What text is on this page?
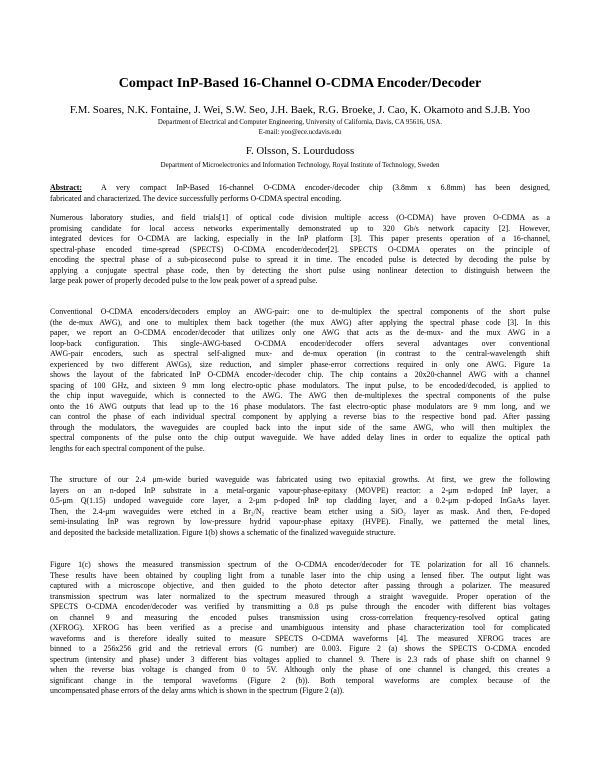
Compact InP-Based 16-Channel O-CDMA Encoder/Decoder
F.M. Soares, N.K. Fontaine, J. Wei, S.W. Seo, J.H. Baek, R.G. Broeke, J. Cao, K. Okamoto and S.J.B. Yoo
Department of Electrical and Computer Engineering, University of California, Davis, CA 95616, USA.
E-mail: yoo@ece.ucdavis.edu
F. Olsson, S. Lourdudoss
Department of Microelectronics and Information Technology, Royal Institute of Technology, Sweden
Abstract: A very compact InP-Based 16-channel O-CDMA encoder-/decoder chip (3.8mm x 6.8mm) has been designed,
fabricated and characterized. The device successfully performs O-CDMA spectral encoding.
Numerous laboratory studies, and field trials[1] of optical code division multiple access (O-CDMA) have proven O-CDMA as a
promising candidate for local access networks experimentally demonstrated up to 320 Gb/s network capacity [2]. However,
integrated devices for O-CDMA are lacking, especially in the InP platform [3]. This paper presents operation of a 16-channel,
spectral-phase encoded time-spread (SPECTS) O-CDMA encoder/decoder[2]. SPECTS O-CDMA operates on the principle of
encoding the spectral phase of a sub-picosecond pulse to spread it in time. The encoded pulse is detected by decoding the pulse by
applying a conjugate spectral phase code, then by detecting the short pulse using nonlinear detection to distinguish between the
large peak power of properly decoded pulse to the low peak power of a spread pulse.
Conventional O-CDMA encoders/decoders employ an AWG-pair: one to de-multiplex the spectral components of the short pulse
(the de-mux AWG), and one to multiplex them back together (the mux AWG) after applying the spectral phase code [3]. In this
paper, we report an O-CDMA encoder/decoder that utilizes only one AWG that acts as the de-mux- and the mux AWG in a
loop-back configuration. This single-AWG-based O-CDMA encoder/decoder offers several advantages over conventional
AWG-pair encoders, such as spectral self-aligned mux- and de-mux operation (in contrast to the central-wavelength shift
experienced by two different AWGs), size reduction, and simpler phase-error corrections required in only one AWG. Figure 1a
shows the layout of the fabricated InP O-CDMA encoder-/decoder chip. The chip contains a 20x20-channel AWG with a channel
spacing of 100 GHz, and sixteen 9 mm long electro-optic phase modulators. The input pulse, to be encoded/decoded, is applied to
the chip input waveguide, which is connected to the AWG. The AWG then de-multiplexes the spectral components of the pulse
onto the 16 AWG outputs that lead up to the 16 phase modulators. The fast electro-optic phase modulators are 9 mm long, and we
can control the phase of each individual spectral component by applying a reverse bias to the respective bond pad. After passing
through the modulators, the waveguides are coupled back into the input side of the same AWG, who will then multiplex the
spectral components of the pulse onto the chip output waveguide. We have added delay lines in order to equalize the optical path
lengths for each spectral component of the pulse.
The structure of our 2.4 μm-wide buried waveguide was fabricated using two epitaxial growths. At first, we grew the following
layers on an n-doped InP substrate in a metal-organic vapour-phase-epitaxy (MOVPE) reactor: a 2-μm n-doped InP layer, a
0.5-μm Q(1.15) undoped waveguide core layer, a 2-μm p-doped InP top cladding layer, and a 0.2-μm p-doped InGaAs layer.
Then, the 2.4-μm waveguides were etched in a Br₂/N₂ reactive beam etcher using a SiO₂ layer as mask. And then, Fe-doped
semi-insulating InP was regrown by low-pressure hydrid vapour-phase epitaxy (HVPE). Finally, we patterned the metal lines,
and deposited the backside metallization. Figure 1(b) shows a schematic of the finalized waveguide structure.
Figure 1(c) shows the measured transmission spectrum of the O-CDMA encoder/decoder for TE polarization for all 16 channels.
These results have been obtained by coupling light from a tunable laser into the chip using a lensed fiber. The output light was
captured with a microscope objective, and then guided to the photo detector after passing through a polarizer. The measured
transmission spectrum was later normalized to the spectrum measured through a straight waveguide. Proper operation of the
SPECTS O-CDMA encoder/decoder was verified by transmitting a 0.8 ps pulse through the encoder with different bias voltages
on channel 9 and measuring the encoded pulses transmission using cross-correlation frequency-resolved optical gating
(XFROG). XFROG has been verified as a precise and unambiguous intensity and phase characterization tool for complicated
waveforms and is therefore ideally suited to measure SPECTS O-CDMA waveforms [4]. The measured XFROG traces are
binned to a 256x256 grid and the retrieval errors (G number) are 0.003. Figure 2 (a) shows the SPECTS O-CDMA encoded
spectrum (intensity and phase) under 3 different bias voltages applied to channel 9. There is 2.3 rads of phase shift on channel 9
when the reverse bias voltage is changed from 0 to 5V. Although only the phase of one channel is changed, this creates a
significant change in the temporal waveforms (Figure 2 (b)). Both temporal waveforms are complex because of the
uncompensated phase errors of the delay arms which is shown in the spectrum (Figure 2 (a)).
